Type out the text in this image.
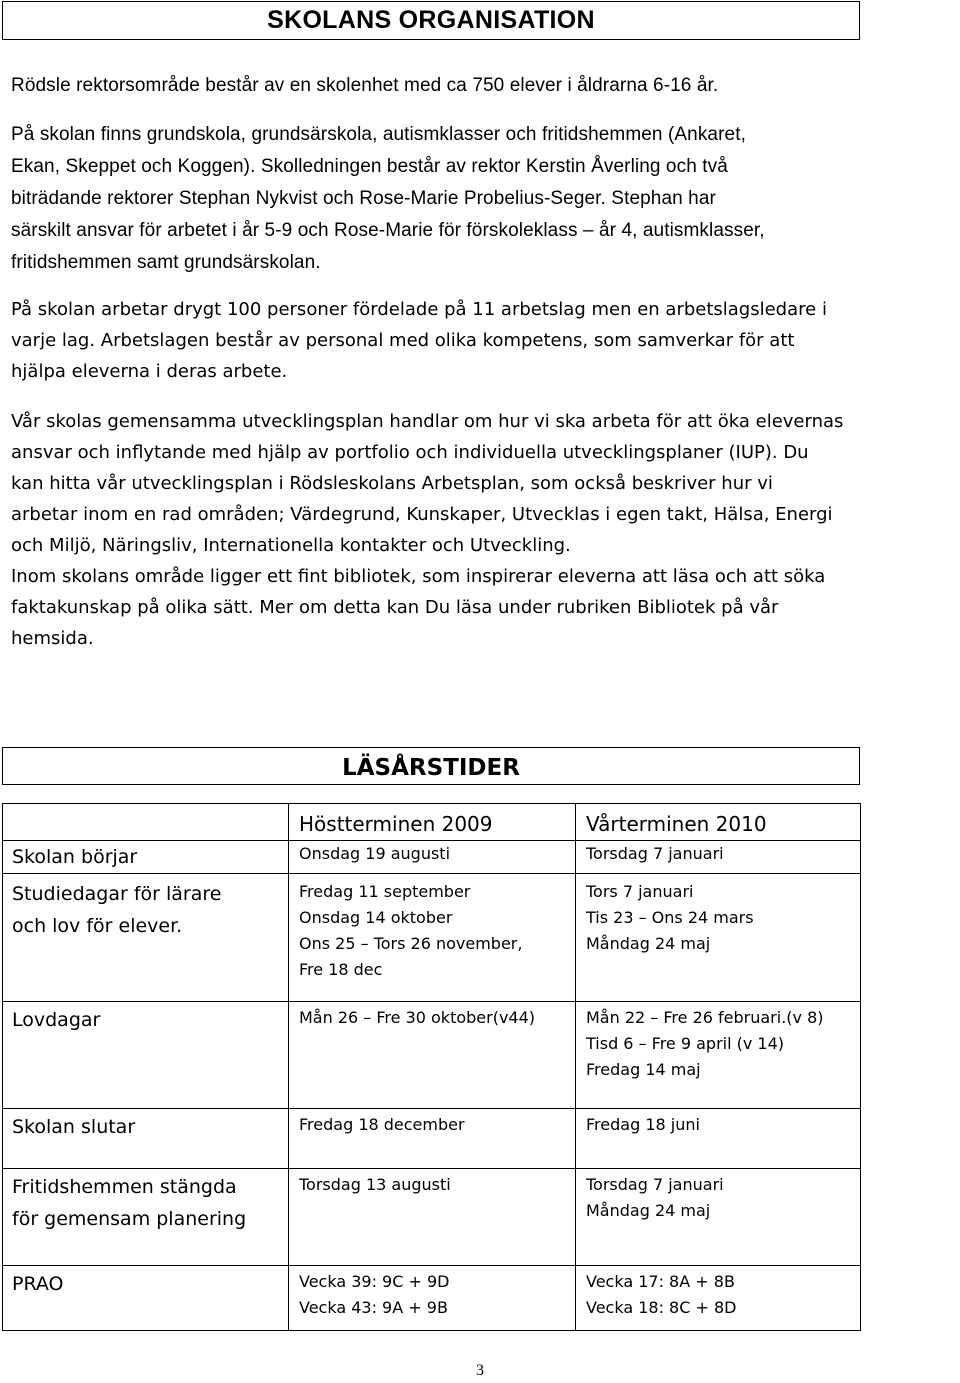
SKOLANS ORGANISATION

Rödsle rektorsområde består av en skolenhet med ca 750 elever i åldrarna 6-16 år.

På skolan finns grundskola, grundsärskola, autismklasser och fritidshemmen (Ankaret,
Ekan, Skeppet och Koggen). Skolledningen består av rektor Kerstin Åverling och två
biträdande rektorer Stephan Nykvist och Rose-Marie Probelius-Seger. Stephan har
särskilt ansvar för arbetet i år 5-9 och Rose-Marie för förskoleklass – år 4, autismklasser,
fritidshemmen samt grundsärskolan.

På skolan arbetar drygt 100 personer fördelade på 11 arbetslag men en arbetslagsledare i
varje lag. Arbetslagen består av personal med olika kompetens, som samverkar för att
hjälpa eleverna i deras arbete.

Vår skolas gemensamma utvecklingsplan handlar om hur vi ska arbeta för att öka elevernas
ansvar och inflytande med hjälp av portfolio och individuella utvecklingsplaner (IUP). Du
kan hitta vår utvecklingsplan i Rödsleskolans Arbetsplan, som också beskriver hur vi
arbetar inom en rad områden; Värdegrund, Kunskaper, Utvecklas i egen takt, Hälsa, Energi
och Miljö, Näringsliv, Internationella kontakter och Utveckling.
Inom skolans område ligger ett fint bibliotek, som inspirerar eleverna att läsa och att söka
faktakunskap på olika sätt. Mer om detta kan Du läsa under rubriken Bibliotek på vår
hemsida.

LÄSÅRSTIDER
	Höstterminen 2009	Vårterminen 2010

Skolan börjar	Onsdag 19 augusti	Torsdag 7 januari

Studiedagar för lärare
och lov för elever.	Fredag 11 september
Onsdag 14 oktober
Ons 25 – Tors 26 november,
Fre 18 dec	Tors 7 januari
Tis 23 – Ons 24 mars
Måndag 24 maj

Lovdagar	Mån 26 – Fre 30 oktober(v44)	Mån 22 – Fre 26 februari.(v 8)
Tisd 6 – Fre 9 april (v 14)
Fredag 14 maj

Skolan slutar	Fredag 18 december	Fredag 18 juni

Fritidshemmen stängda
för gemensam planering	Torsdag 13 augusti	Torsdag 7 januari
Måndag 24 maj

PRAO	Vecka 39: 9C + 9D
Vecka 43: 9A + 9B	Vecka 17: 8A + 8B
Vecka 18: 8C + 8D
3
